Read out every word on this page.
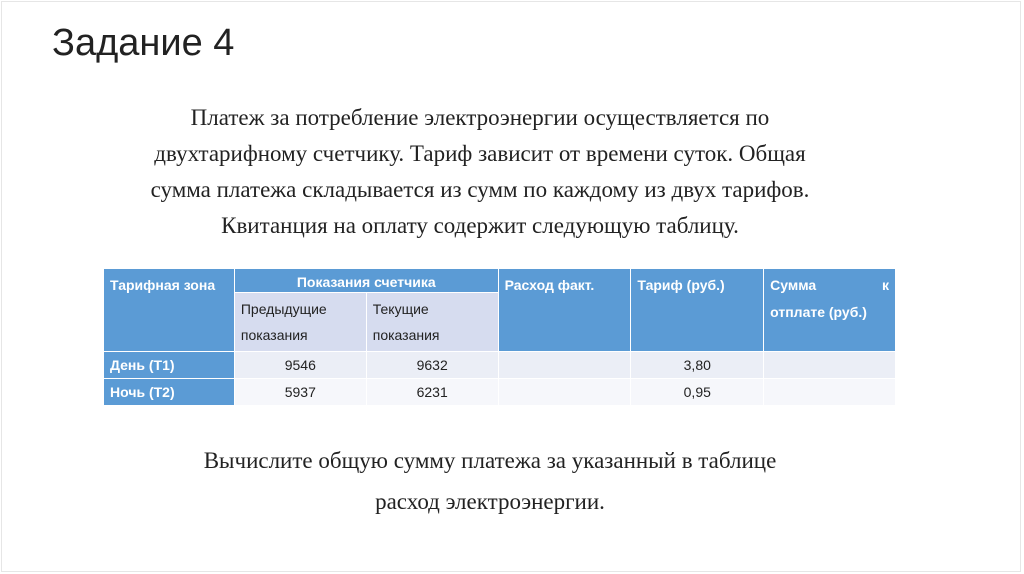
Задание 4

Платеж за потребление электроэнергии осуществляется по
двухтарифному счетчику. Тариф зависит от времени суток. Общая
сумма платежа складывается из сумм по каждому из двух тарифов.
Квитанция на оплату содержит следующую таблицу.

Тарифная зона	Показания счетчика		Расход факт.	Тариф (руб.)	Сумма к
отплате (руб.)

	Предыдущие показания	Текущие показания			
День (Т1)	9546	9632		3,80	
Ночь (Т2)	5937	6231		0,95	

Вычислите общую сумму платежа за указанный в таблице
расход электроэнергии.
